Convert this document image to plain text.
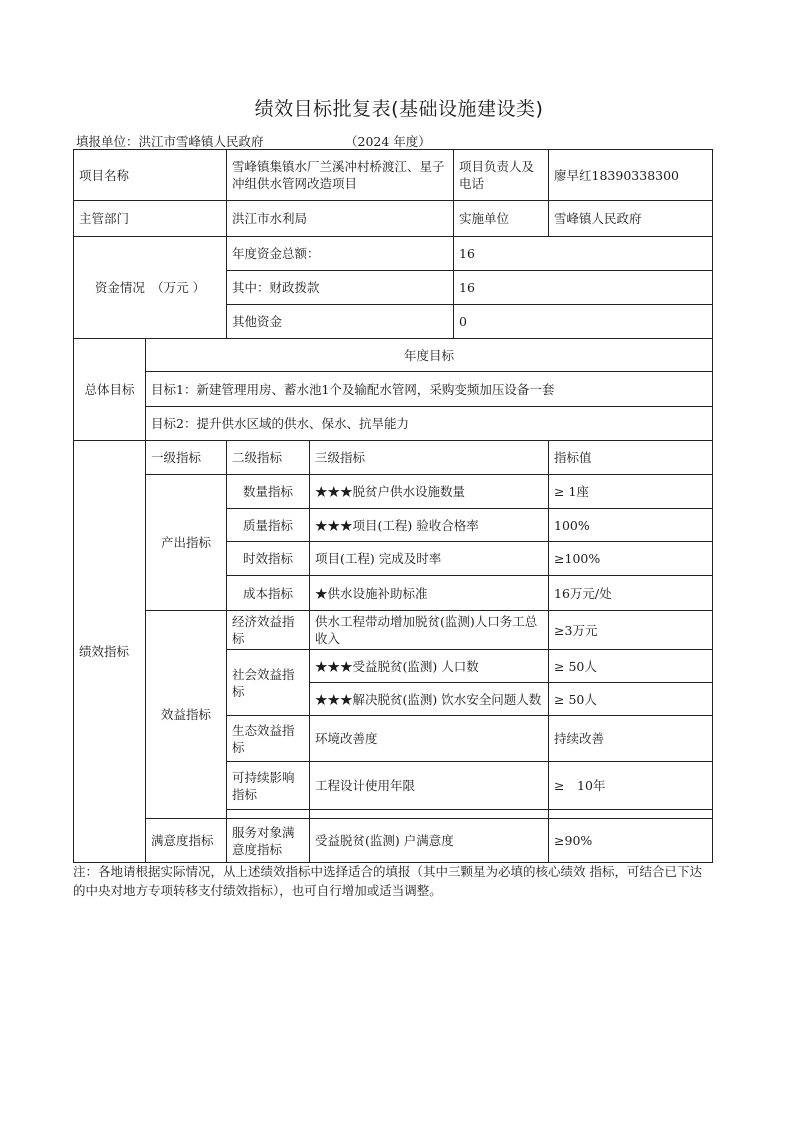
绩效目标批复表(基础设施建设类)
填报单位：洪江市雪峰镇人民政府	（2024 年度）
项目名称		雪峰镇集镇水厂兰溪冲村桥渡江、星子冲组供水管网改造项目		项目负责人及电话	廖早红18390338300
主管部门		洪江市水利局		实施单位	雪峰镇人民政府
资金情况　（万元 ）		年度资金总额：		16	
		其中：财政拨款		16	
		其他资金		0	
总体目标	年度目标				
	目标1：新建管理用房、蓄水池1个及输配水管网，采购变频加压设备一套				
	目标2：提升供水区域的供水、保水、抗旱能力				
绩效指标	一级指标	二级指标	三级指标		指标值
	产出指标	数量指标	★★★脱贫户供水设施数量		≥ 1座
		质量指标	★★★项目(工程) 验收合格率		100%
		时效指标	项目(工程) 完成及时率		≥100%
		成本指标	★供水设施补助标准		16万元/处
	效益指标	经济效益指标	供水工程带动增加脱贫(监测)人口务工总收入		≥3万元
		社会效益指标	★★★受益脱贫(监测) 人口数		≥ 50人
			★★★解决脱贫(监测) 饮水安全问题人数		≥ 50人
		生态效益指标	环境改善度		持续改善
		可持续影响指标	工程设计使用年限		≥　10年

	满意度指标	服务对象满意度指标	受益脱贫(监测) 户满意度		≥90%
注：各地请根据实际情况，从上述绩效指标中选择适合的填报（其中三颗星为必填的核心绩效 指标，可结合已下达的中央对地方专项转移支付绩效指标），也可自行增加或适当调整。
